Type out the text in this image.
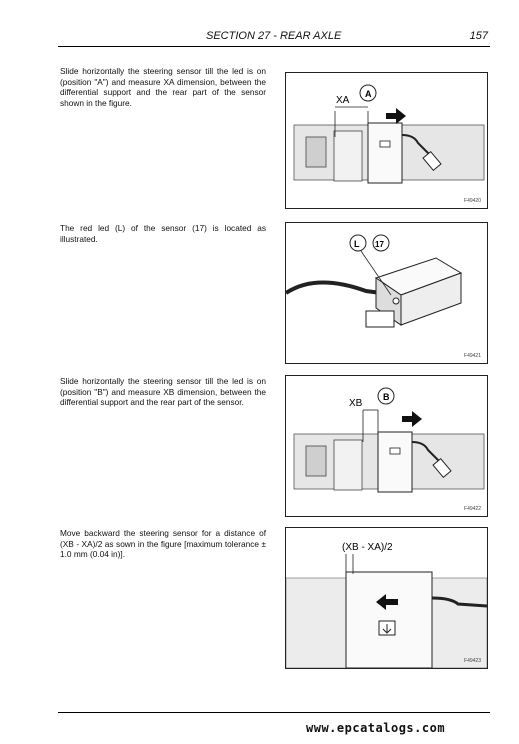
SECTION 27 - REAR AXLE	157

Slide horizontally the steering sensor till the led is on (position "A") and measure XA dimension, between the differential support and the rear part of the sensor shown in the figure.	XA
A
F49420

The red led (L) of the sensor (17) is located as illustrated.

L 17
F49421

Slide horizontally the steering sensor till the led is on (position "B") and measure XB dimension, between the differential support and the rear part of the sensor.	XB
B
F49422

Move backward the steering sensor for a distance of (XB - XA)/2 as sown in the figure [maximum tolerance ± 1.0 mm (0.04 in)].

(XB - XA)/2
F49423
www.epcatalogs.com
